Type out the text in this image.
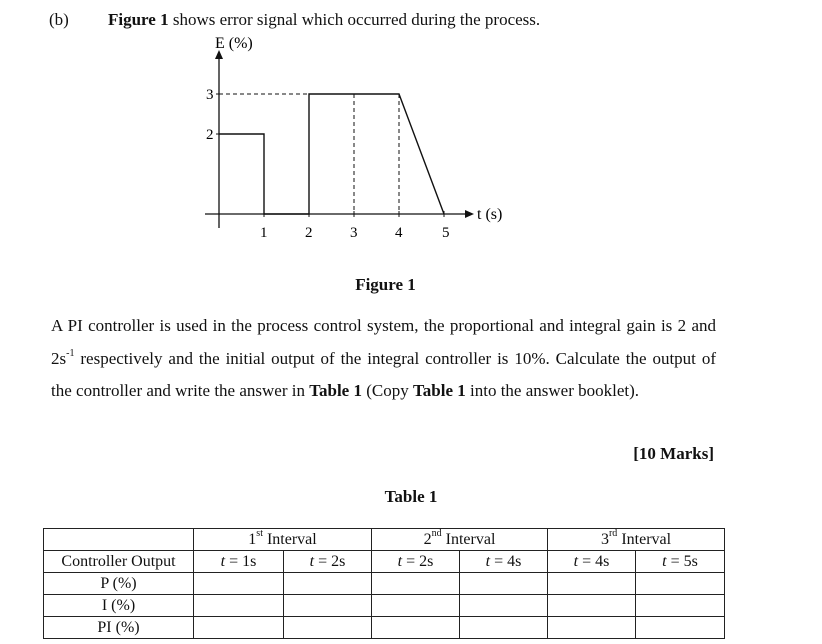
(b) Figure 1 shows error signal which occurred during the process.
E (%)
t (s)
1	2	3	4	5
2
3
Figure 1
A PI controller is used in the process control system, the proportional and integral gain is 2 and $2s^{-1}$ respectively and the initial output of the integral controller is 10%. Calculate the output of the controller and write the answer in Table 1 (Copy Table 1 into the answer booklet).
[10 Marks]
Table 1
	1st Interval		2nd Interval		3rd Interval	
Controller Output	t = 1s	t = 2s	t = 2s	t = 4s	t = 4s	t = 5s
P (%)						
I (%)						
PI (%)						
